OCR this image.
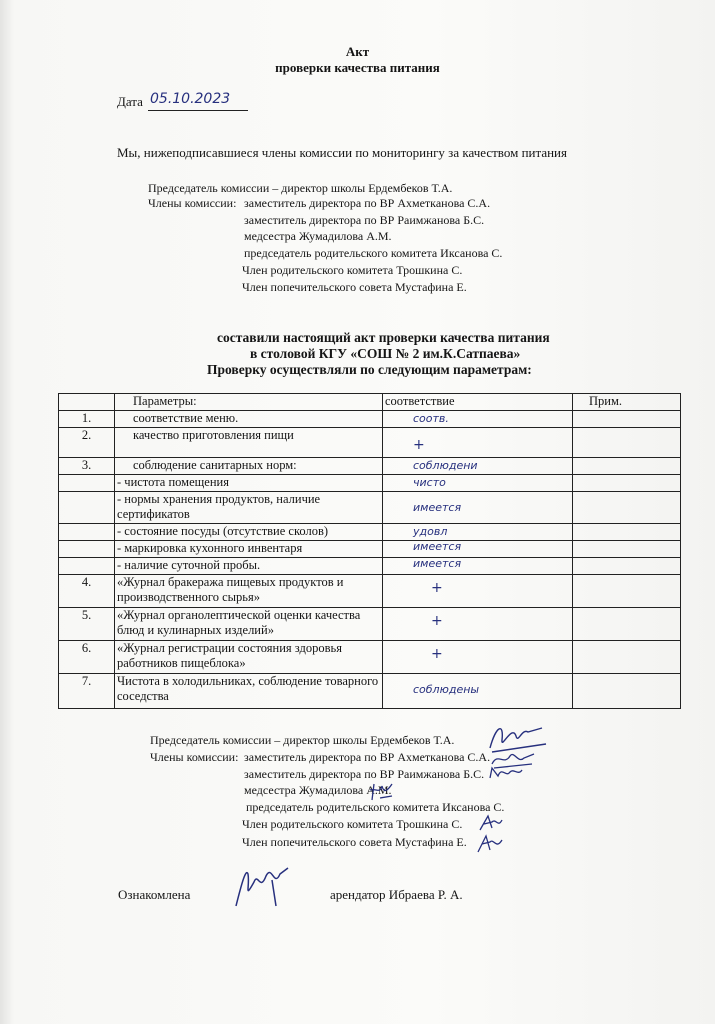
Акт
проверки качества питания
Дата 05.10.2023
Мы, нижеподписавшиеся члены комиссии по мониторингу за качеством питания
Председатель комиссии – директор школы Ердембеков Т.А.
Члены комиссии: заместитель директора по ВР Ахметканова С.А.
заместитель директора по ВР Раимжанова Б.С.
медсестра Жумадилова А.М.
председатель родительского комитета Иксанова С.
Член родительского комитета Трошкина С.
Член попечительского совета Мустафина Е.
составили настоящий акт проверки качества питания
в столовой КГУ «СОШ № 2 им.К.Сатпаева»
Проверку осуществляли по следующим параметрам:
	Параметры:	соответствие	Прим.
1.	соответствие меню.	соотв.	

2.	качество приготовления пищи	+	

3.	соблюдение санитарных норм:	соблюдени	

	- чистота помещения	чисто	

	- нормы хранения продуктов, наличие сертификатов	имеется	

	- состояние посуды (отсутствие сколов)	удовл	

	- маркировка кухонного инвентаря	имеется	

	- наличие суточной пробы.	имеется	

4.	«Журнал бракеража пищевых продуктов и производственного сырья»	+	

5.	«Журнал органолептической оценки качества блюд и кулинарных изделий»	+	

6.	«Журнал регистрации состояния здоровья работников пищеблока»	+	

7.	Чистота в холодильниках, соблюдение товарного соседства	соблюдены	

Председатель комиссии – директор школы Ердембеков Т.А.
Члены комиссии: заместитель директора по ВР Ахметканова С.А.
заместитель директора по ВР Раимжанова Б.С.
медсестра Жумадилова А.М.
председатель родительского комитета Иксанова С.
Член родительского комитета Трошкина С.
Член попечительского совета Мустафина Е.
Ознакомлена	арендатор Ибраева Р. А.
